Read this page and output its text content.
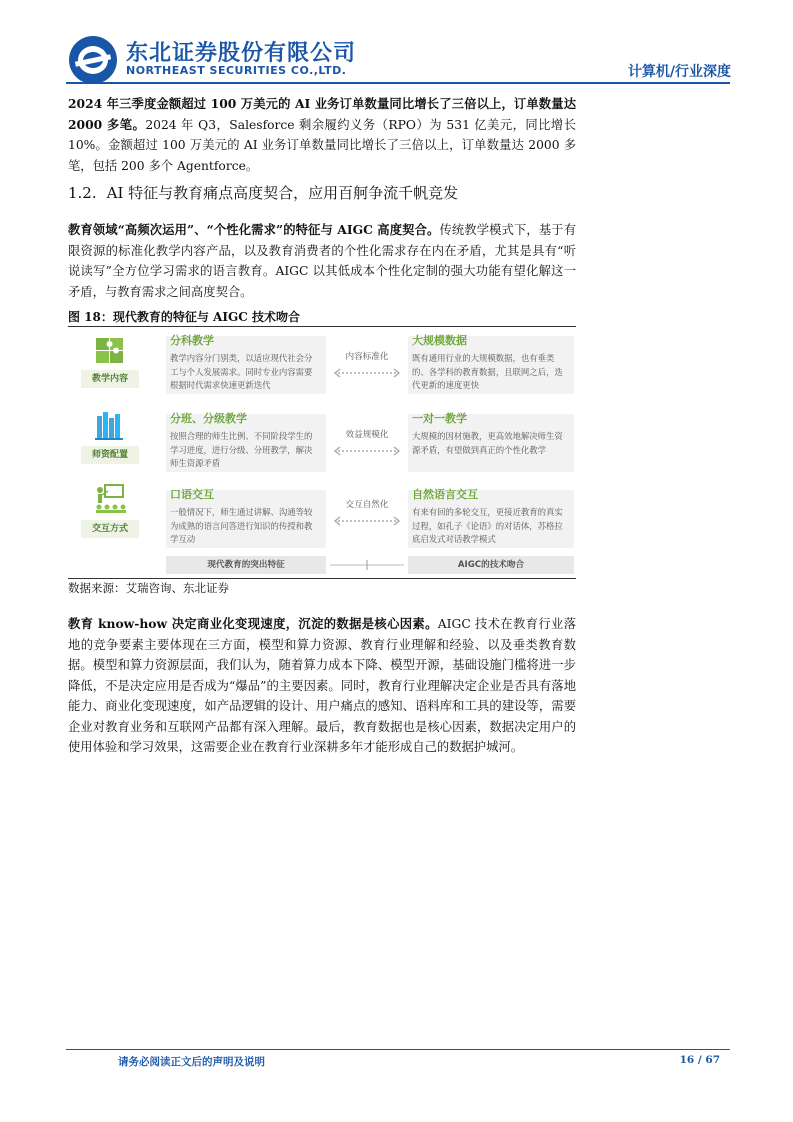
东北证券股份有限公司
NORTHEAST SECURITIES CO.,LTD.	计算机/行业深度
2024 年三季度金额超过 100 万美元的 AI 业务订单数量同比增长了三倍以上，订单数量达 2000 多笔。2024 年 Q3，Salesforce 剩余履约义务（RPO）为 531 亿美元，同比增长 10%。金额超过 100 万美元的 AI 业务订单数量同比增长了三倍以上，订单数量达 2000 多笔，包括 200 多个 Agentforce。
1.2. AI 特征与教育痛点高度契合，应用百舸争流千帆竞发
教育领域“高频次运用”、“个性化需求”的特征与 AIGC 高度契合。传统教学模式下，基于有限资源的标准化教学内容产品，以及教育消费者的个性化需求存在内在矛盾，尤其是具有“听说读写”全方位学习需求的语言教育。AIGC 以其低成本个性化定制的强大功能有望化解这一矛盾，与教育需求之间高度契合。
图 18：现代教育的特征与 AIGC 技术吻合
教学内容
分科教学
教学内容分门别类，以适应现代社会分工与个人发展需求。同时专业内容需要根据时代需求快速更新迭代
内容标准化
大规模数据
既有通用行业的大规模数据，也有垂类的、各学科的教育数据，且联网之后，迭代更新的速度更快
师资配置
分班、分级教学
按照合理的师生比例、不同阶段学生的学习进度，进行分级、分班教学，解决师生资源矛盾
效益规模化
一对一教学
大规模的因材施教，更高效地解决师生资源矛盾，有望做到真正的个性化教学
交互方式
口语交互
一般情况下，师生通过讲解、沟通等较为成熟的语言问答进行知识的传授和教学互动
交互自然化
自然语言交互
有来有回的多轮交互，更接近教育的真实过程，如孔子《论语》的对话体，苏格拉底启发式对话教学模式
现代教育的突出特征	AIGC的技术吻合
数据来源：艾瑞咨询、东北证券
教育 know-how 决定商业化变现速度，沉淀的数据是核心因素。AIGC 技术在教育行业落地的竞争要素主要体现在三方面，模型和算力资源、教育行业理解和经验、以及垂类教育数据。模型和算力资源层面，我们认为，随着算力成本下降、模型开源，基础设施门槛将进一步降低，不是决定应用是否成为“爆品”的主要因素。同时，教育行业理解决定企业是否具有落地能力、商业化变现速度，如产品逻辑的设计、用户痛点的感知、语料库和工具的建设等，需要企业对教育业务和互联网产品都有深入理解。最后，教育数据也是核心因素，数据决定用户的使用体验和学习效果，这需要企业在教育行业深耕多年才能形成自己的数据护城河。
请务必阅读正文后的声明及说明	16 / 67
